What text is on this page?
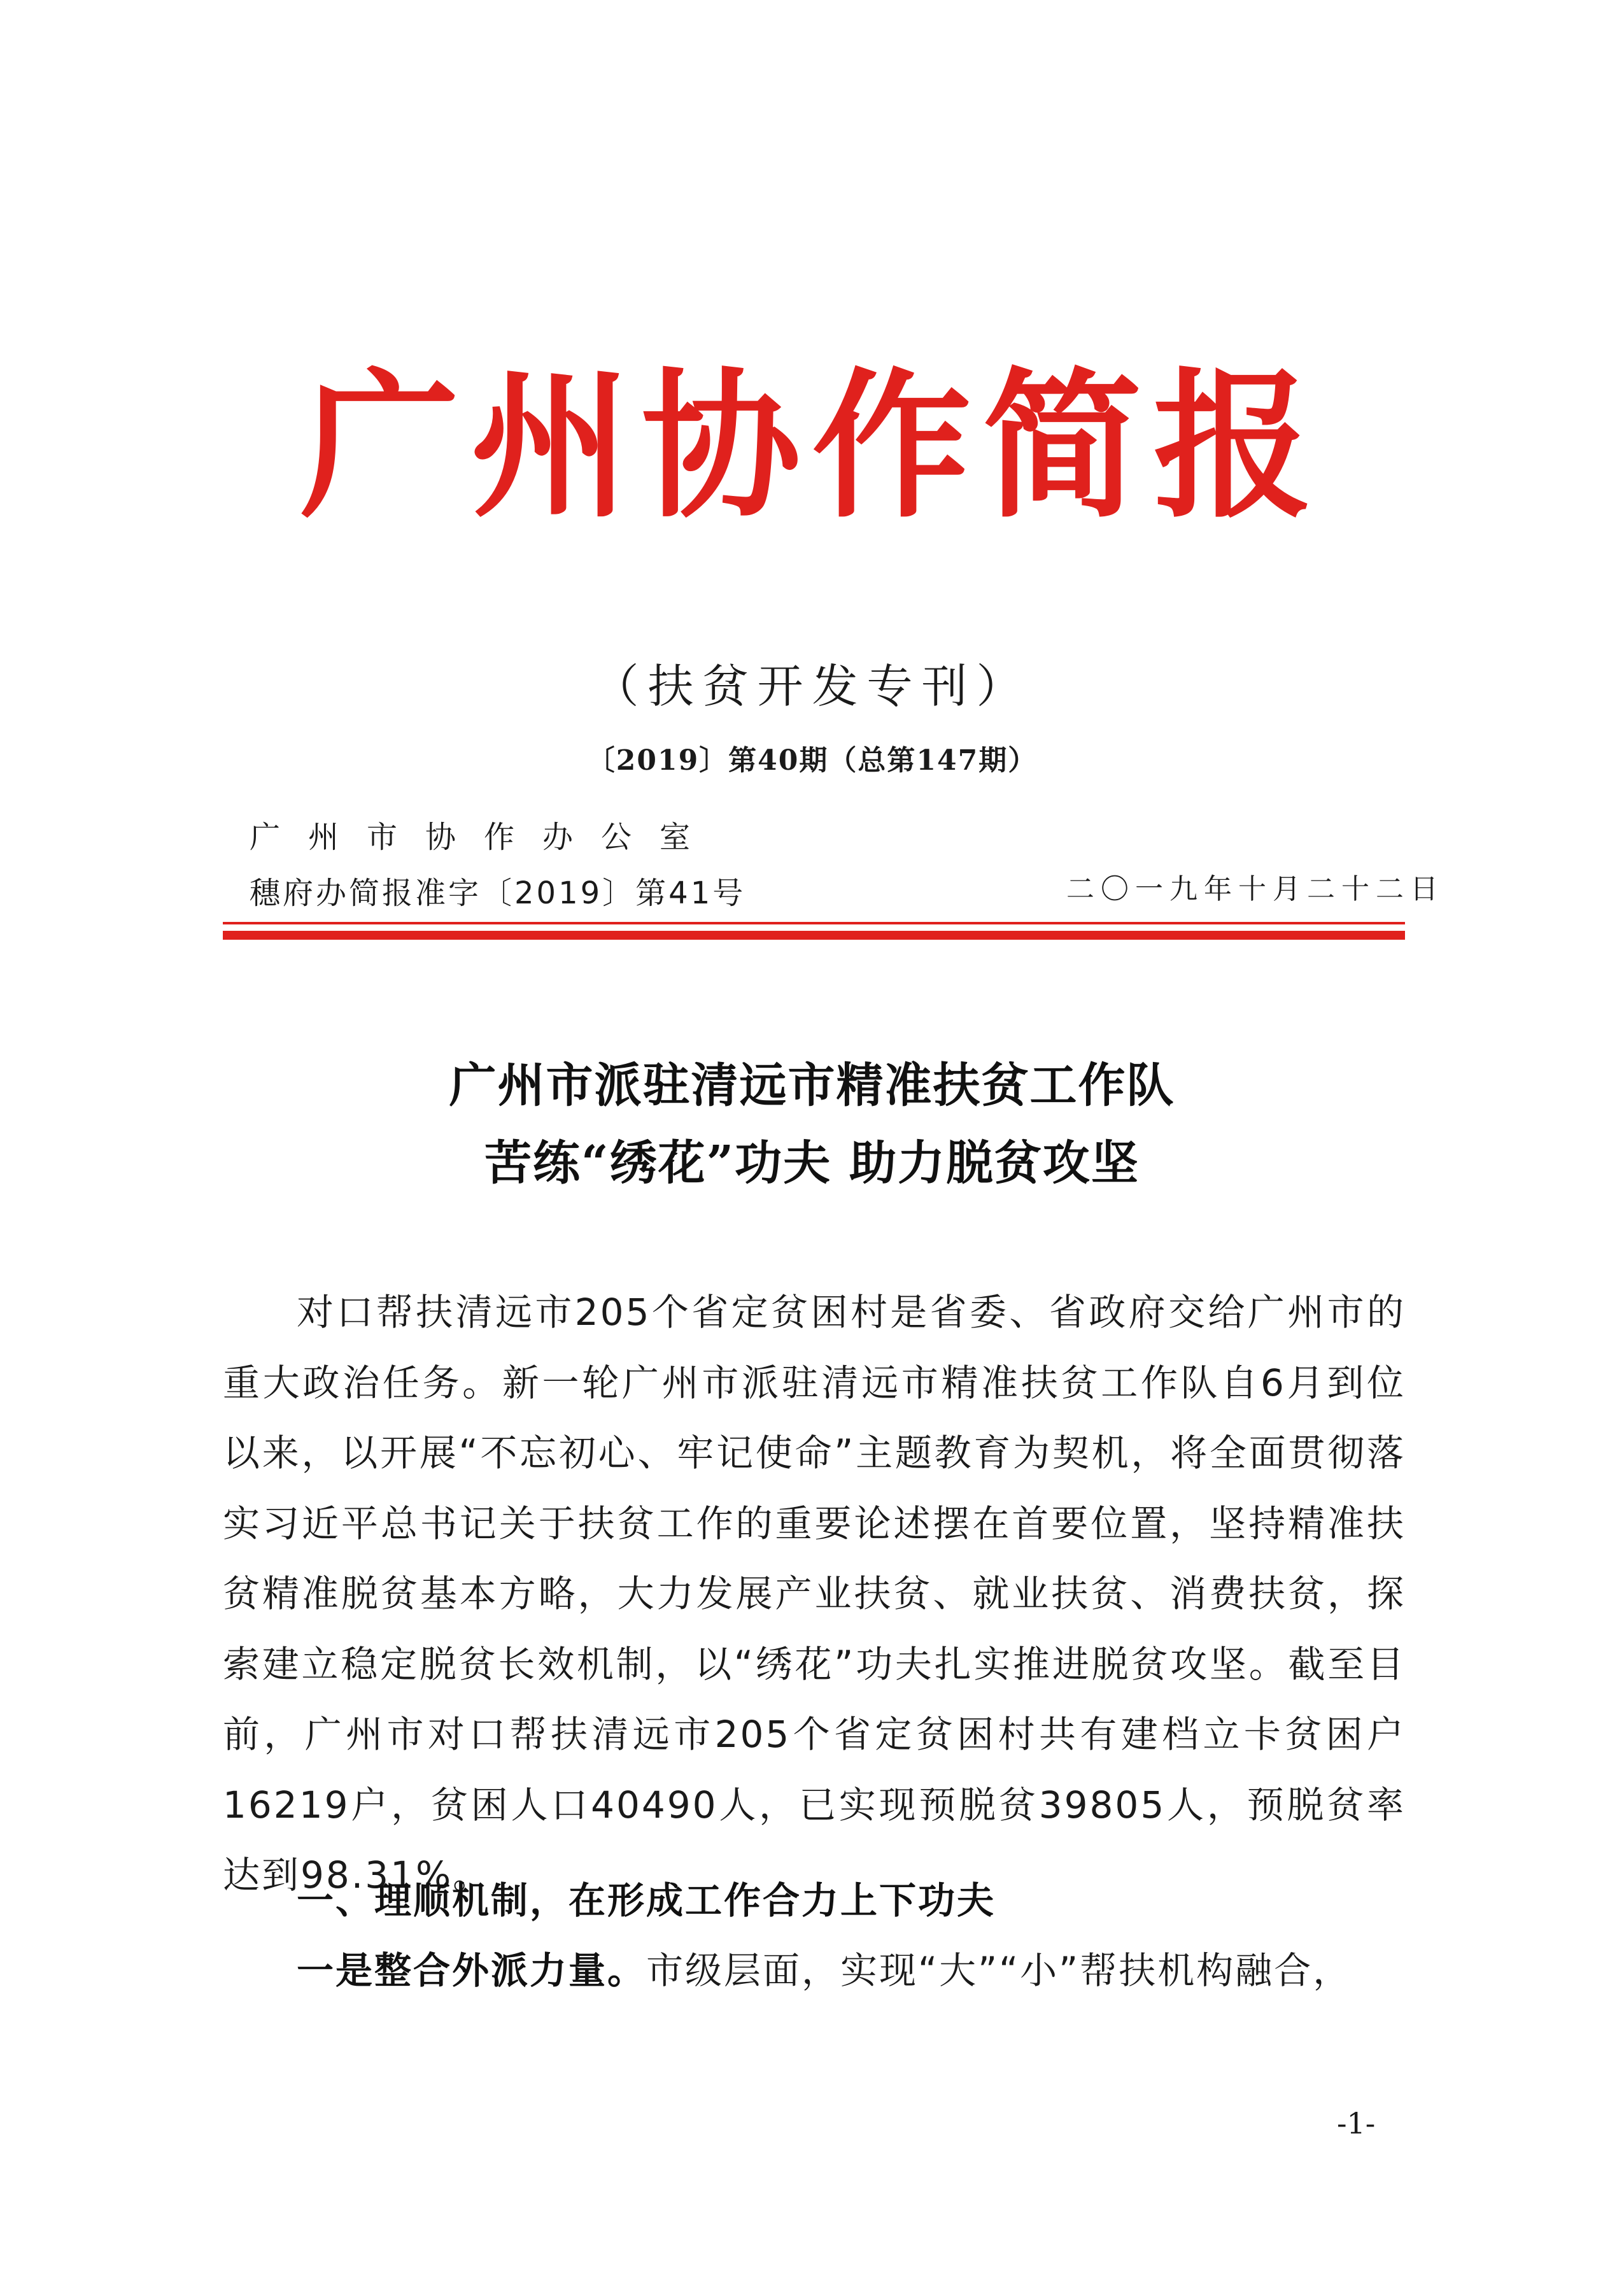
广州协作简报
（扶贫开发专刊）
〔2019〕第40期（总第147期）
广州市协作办公室
穗府办简报准字〔2019〕第41号	二〇一九年十月二十二日
广州市派驻清远市精准扶贫工作队
苦练“绣花”功夫 助力脱贫攻坚

对口帮扶清远市205个省定贫困村是省委、省政府交给广州市的重大政治任务。新一轮广州市派驻清远市精准扶贫工作队自6月到位以来，以开展“不忘初心、牢记使命”主题教育为契机，将全面贯彻落实习近平总书记关于扶贫工作的重要论述摆在首要位置，坚持精准扶贫精准脱贫基本方略，大力发展产业扶贫、就业扶贫、消费扶贫，探索建立稳定脱贫长效机制，以“绣花”功夫扎实推进脱贫攻坚。截至目前，广州市对口帮扶清远市205个省定贫困村共有建档立卡贫困户16219户，贫困人口40490人，已实现预脱贫39805人，预脱贫率达到98.31%。

一、理顺机制，在形成工作合力上下功夫
一是整合外派力量。市级层面，实现“大”“小”帮扶机构融合，
-1-
